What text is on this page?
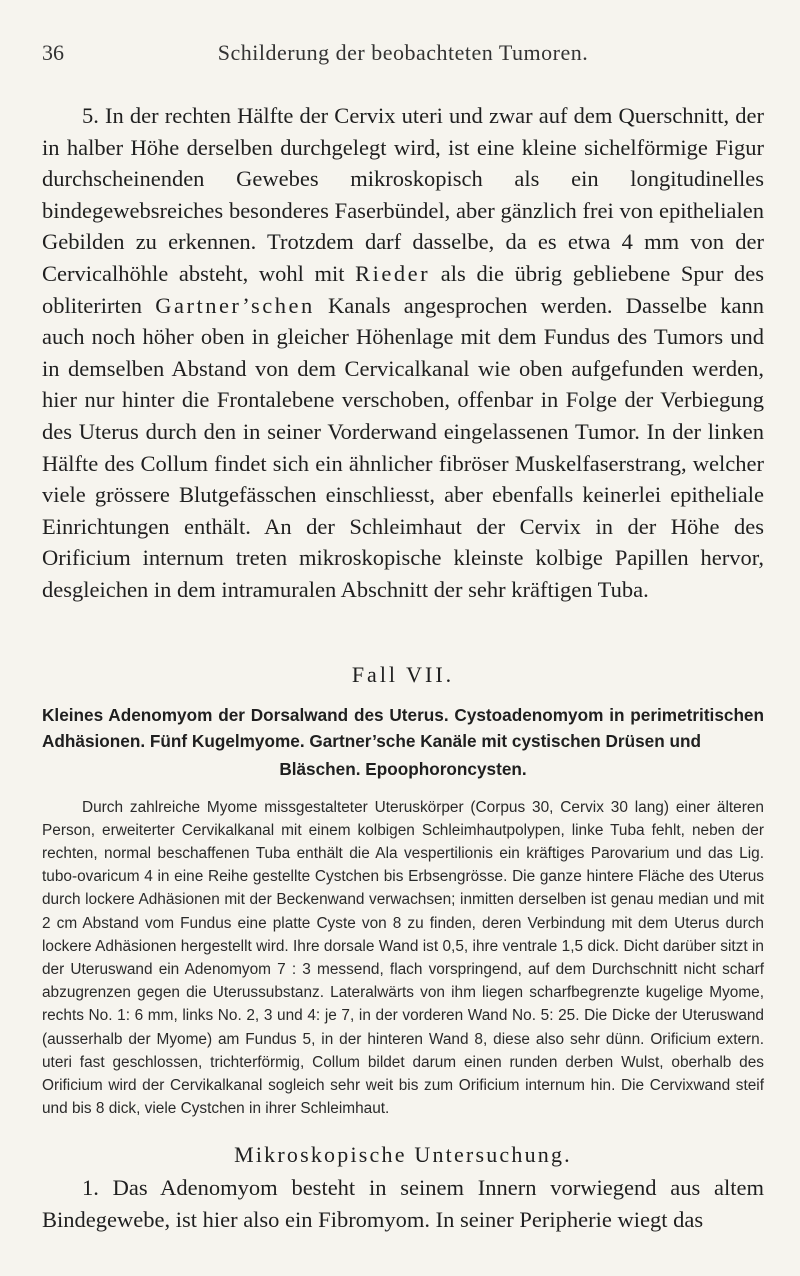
36	Schilderung der beobachteten Tumoren.

5. In der rechten Hälfte der Cervix uteri und zwar auf dem Querschnitt, der in halber Höhe derselben durchgelegt wird, ist eine kleine sichelförmige Figur durchscheinenden Gewebes mikroskopisch als ein longitudinelles bindegewebsreiches besonderes Faserbündel, aber gänzlich frei von epithelialen Gebilden zu erkennen. Trotzdem darf dasselbe, da es etwa 4 mm von der Cervicalhöhle absteht, wohl mit Rieder als die übrig gebliebene Spur des obliterirten Gartner’schen Kanals angesprochen werden. Dasselbe kann auch noch höher oben in gleicher Höhenlage mit dem Fundus des Tumors und in demselben Abstand von dem Cervicalkanal wie oben aufgefunden werden, hier nur hinter die Frontalebene verschoben, offenbar in Folge der Verbiegung des Uterus durch den in seiner Vorderwand eingelassenen Tumor. In der linken Hälfte des Collum findet sich ein ähnlicher fibröser Muskelfaserstrang, welcher viele grössere Blutgefässchen einschliesst, aber ebenfalls keinerlei epitheliale Einrichtungen enthält. An der Schleimhaut der Cervix in der Höhe des Orificium internum treten mikroskopische kleinste kolbige Papillen hervor, desgleichen in dem intramuralen Abschnitt der sehr kräftigen Tuba.

Fall VII.

Kleines Adenomyom der Dorsalwand des Uterus. Cystoadenomyom in perimetritischen Adhäsionen. Fünf Kugelmyome. Gartner’sche Kanäle mit cystischen Drüsen und
Bläschen. Epoophoroncysten.

Durch zahlreiche Myome missgestalteter Uteruskörper (Corpus 30, Cervix 30 lang) einer älteren Person, erweiterter Cervikalkanal mit einem kolbigen Schleimhautpolypen, linke Tuba fehlt, neben der rechten, normal beschaffenen Tuba enthält die Ala vespertilionis ein kräftiges Parovarium und das Lig. tubo-ovaricum 4 in eine Reihe gestellte Cystchen bis Erbsengrösse. Die ganze hintere Fläche des Uterus durch lockere Adhäsionen mit der Beckenwand verwachsen; inmitten derselben ist genau median und mit 2 cm Abstand vom Fundus eine platte Cyste von 8 zu finden, deren Verbindung mit dem Uterus durch lockere Adhäsionen hergestellt wird. Ihre dorsale Wand ist 0,5, ihre ventrale 1,5 dick. Dicht darüber sitzt in der Uteruswand ein Adenomyom 7 : 3 messend, flach vorspringend, auf dem Durchschnitt nicht scharf abzugrenzen gegen die Uterussubstanz. Lateralwärts von ihm liegen scharfbegrenzte kugelige Myome, rechts No. 1: 6 mm, links No. 2, 3 und 4: je 7, in der vorderen Wand No. 5: 25. Die Dicke der Uteruswand (ausserhalb der Myome) am Fundus 5, in der hinteren Wand 8, diese also sehr dünn. Orificium extern. uteri fast geschlossen, trichterförmig, Collum bildet darum einen runden derben Wulst, oberhalb des Orificium wird der Cervikalkanal sogleich sehr weit bis zum Orificium internum hin. Die Cervixwand steif und bis 8 dick, viele Cystchen in ihrer Schleimhaut.

Mikroskopische Untersuchung.

1. Das Adenomyom besteht in seinem Innern vorwiegend aus altem Bindegewebe, ist hier also ein Fibromyom. In seiner Peripherie wiegt das
